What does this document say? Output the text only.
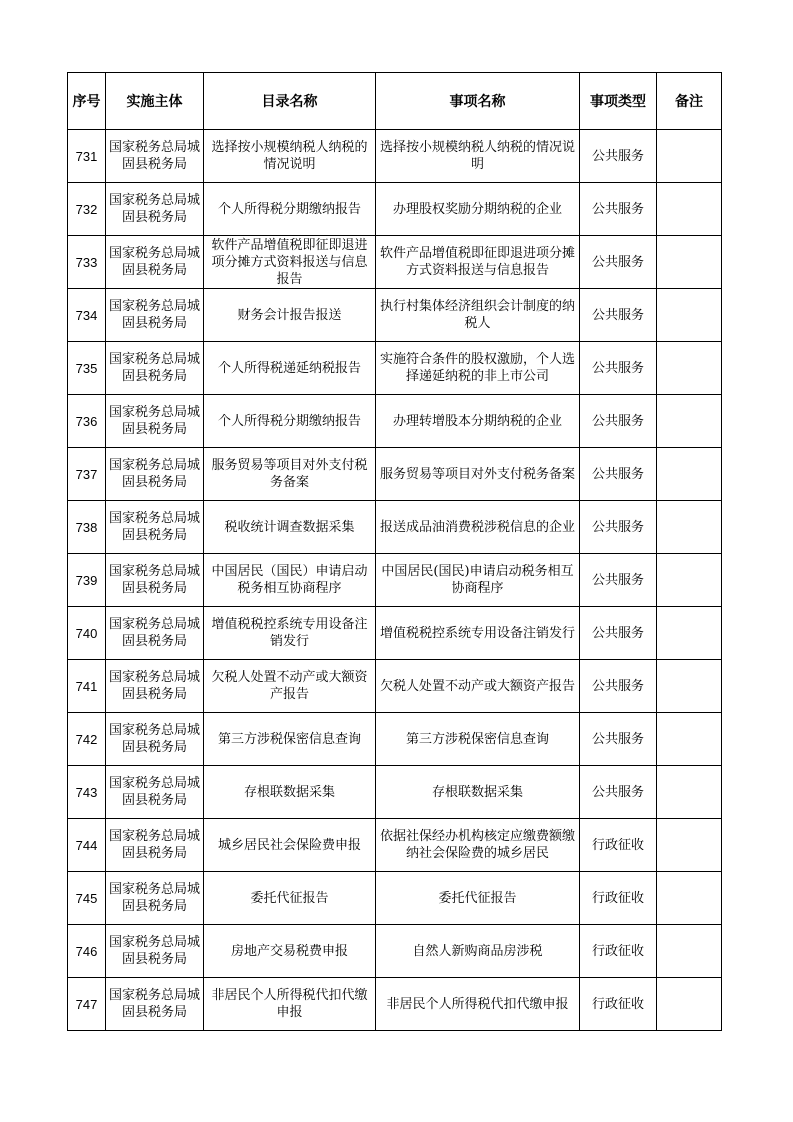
序号	实施主体	目录名称	事项名称	事项类型	备注
731	国家税务总局城固县税务局	选择按小规模纳税人纳税的情况说明	选择按小规模纳税人纳税的情况说明	公共服务	
732	国家税务总局城固县税务局	个人所得税分期缴纳报告	办理股权奖励分期纳税的企业	公共服务	
733	国家税务总局城固县税务局	软件产品增值税即征即退进项分摊方式资料报送与信息报告	软件产品增值税即征即退进项分摊方式资料报送与信息报告	公共服务	
734	国家税务总局城固县税务局	财务会计报告报送	执行村集体经济组织会计制度的纳税人	公共服务	
735	国家税务总局城固县税务局	个人所得税递延纳税报告	实施符合条件的股权激励，个人选择递延纳税的非上市公司	公共服务	
736	国家税务总局城固县税务局	个人所得税分期缴纳报告	办理转增股本分期纳税的企业	公共服务	
737	国家税务总局城固县税务局	服务贸易等项目对外支付税务备案	服务贸易等项目对外支付税务备案	公共服务	
738	国家税务总局城固县税务局	税收统计调查数据采集	报送成品油消费税涉税信息的企业	公共服务	
739	国家税务总局城固县税务局	中国居民（国民）申请启动税务相互协商程序	中国居民(国民)申请启动税务相互协商程序	公共服务	
740	国家税务总局城固县税务局	增值税税控系统专用设备注销发行	增值税税控系统专用设备注销发行	公共服务	
741	国家税务总局城固县税务局	欠税人处置不动产或大额资产报告	欠税人处置不动产或大额资产报告	公共服务	
742	国家税务总局城固县税务局	第三方涉税保密信息查询	第三方涉税保密信息查询	公共服务	
743	国家税务总局城固县税务局	存根联数据采集	存根联数据采集	公共服务	
744	国家税务总局城固县税务局	城乡居民社会保险费申报	依据社保经办机构核定应缴费额缴纳社会保险费的城乡居民	行政征收	
745	国家税务总局城固县税务局	委托代征报告	委托代征报告	行政征收	
746	国家税务总局城固县税务局	房地产交易税费申报	自然人新购商品房涉税	行政征收	
747	国家税务总局城固县税务局	非居民个人所得税代扣代缴申报	非居民个人所得税代扣代缴申报	行政征收	
